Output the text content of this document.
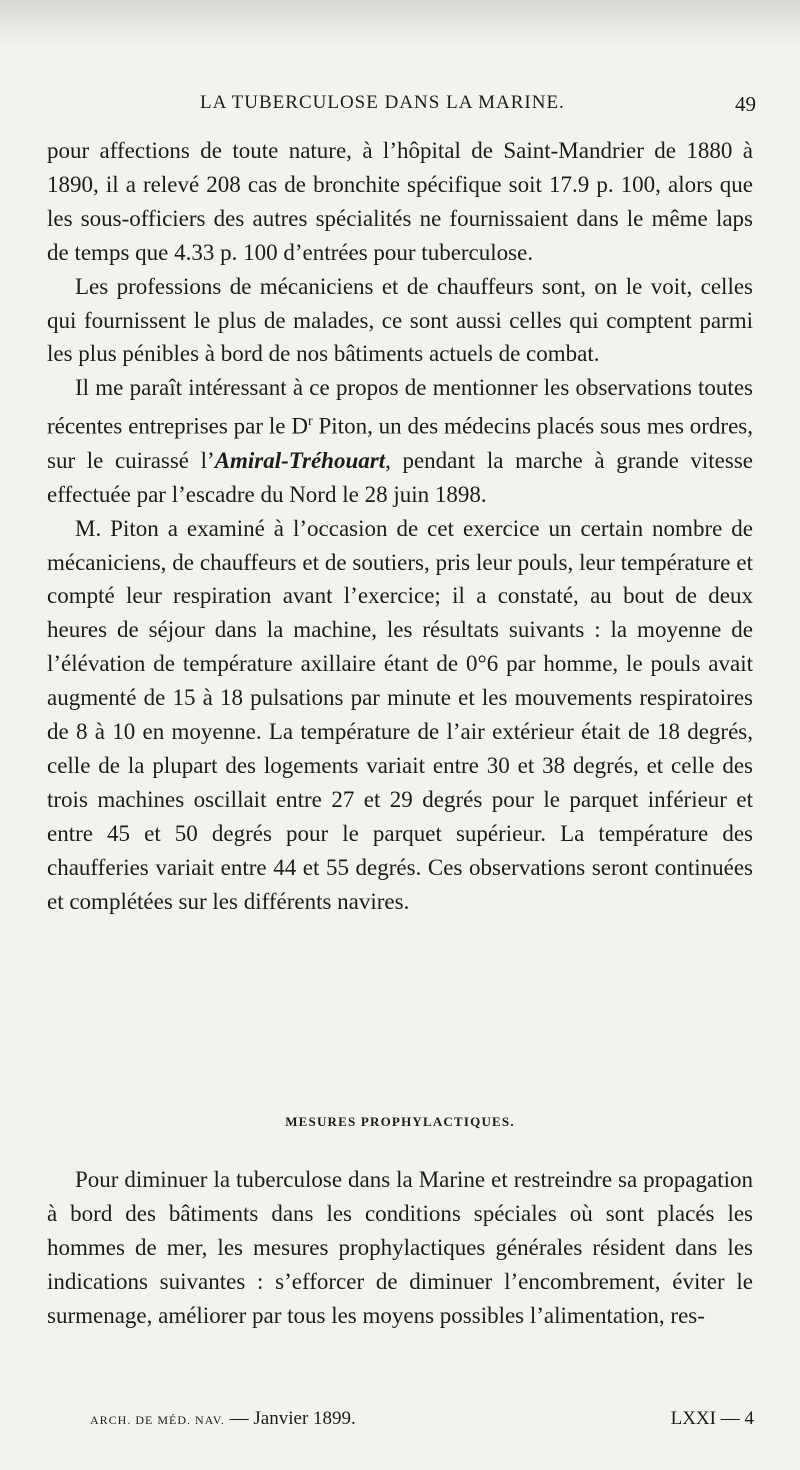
LA TUBERCULOSE DANS LA MARINE.	49

pour affections de toute nature, à l’hôpital de Saint-Mandrier de 1880 à 1890, il a relevé 208 cas de bronchite spécifique soit 17.9 p. 100, alors que les sous-officiers des autres spécialités ne fournissaient dans le même laps de temps que 4.33 p. 100 d’entrées pour tuberculose.

Les professions de mécaniciens et de chauffeurs sont, on le voit, celles qui fournissent le plus de malades, ce sont aussi celles qui comptent parmi les plus pénibles à bord de nos bâtiments actuels de combat.

Il me paraît intéressant à ce propos de mentionner les observations toutes récentes entreprises par le $D^r$ Piton, un des médecins placés sous mes ordres, sur le cuirassé l’Amiral-Tréhouart, pendant la marche à grande vitesse effectuée par l’escadre du Nord le 28 juin 1898.

M. Piton a examiné à l’occasion de cet exercice un certain nombre de mécaniciens, de chauffeurs et de soutiers, pris leur pouls, leur température et compté leur respiration avant l’exercice; il a constaté, au bout de deux heures de séjour dans la machine, les résultats suivants : la moyenne de l’élévation de température axillaire étant de 0°6 par homme, le pouls avait augmenté de 15 à 18 pulsations par minute et les mouvements respiratoires de 8 à 10 en moyenne. La température de l’air extérieur était de 18 degrés, celle de la plupart des logements variait entre 30 et 38 degrés, et celle des trois machines oscillait entre 27 et 29 degrés pour le parquet inférieur et entre 45 et 50 degrés pour le parquet supérieur. La température des chaufferies variait entre 44 et 55 degrés. Ces observations seront continuées et complétées sur les différents navires.

MESURES PROPHYLACTIQUES.

Pour diminuer la tuberculose dans la Marine et restreindre sa propagation à bord des bâtiments dans les conditions spéciales où sont placés les hommes de mer, les mesures prophylactiques générales résident dans les indications suivantes : s’efforcer de diminuer l’encombrement, éviter le surmenage, améliorer par tous les moyens possibles l’alimentation, res-

ARCH. DE MÉD. NAV. — Janvier 1899.	LXXI — 4
